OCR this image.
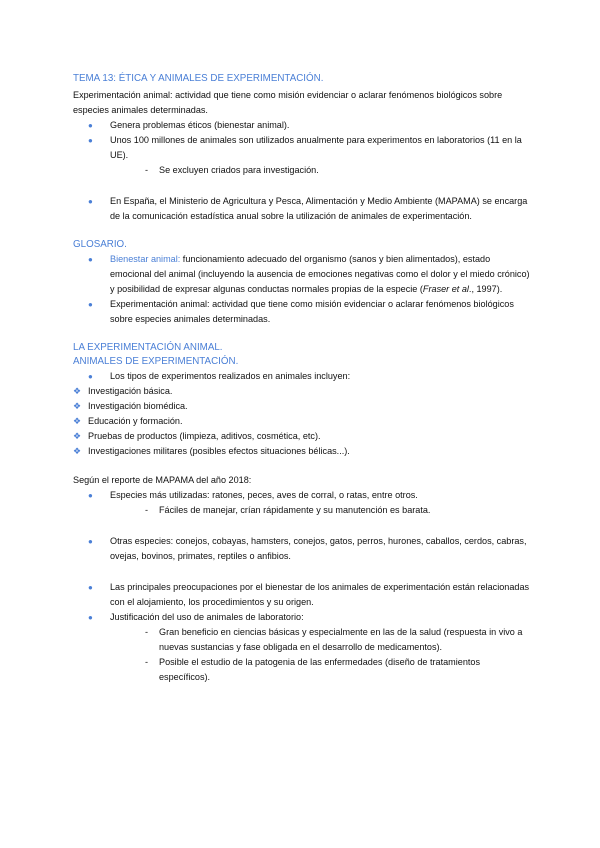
TEMA 13: ÉTICA Y ANIMALES DE EXPERIMENTACIÓN.
Experimentación animal: actividad que tiene como misión evidenciar o aclarar fenómenos biológicos sobre especies animales determinadas.
● Genera problemas éticos (bienestar animal).
● Unos 100 millones de animales son utilizados anualmente para experimentos en laboratorios (11 en la UE).
- Se excluyen criados para investigación.
● En España, el Ministerio de Agricultura y Pesca, Alimentación y Medio Ambiente (MAPAMA) se encarga de la comunicación estadística anual sobre la utilización de animales de experimentación.
GLOSARIO.
● Bienestar animal: funcionamiento adecuado del organismo (sanos y bien alimentados), estado emocional del animal (incluyendo la ausencia de emociones negativas como el dolor y el miedo crónico) y posibilidad de expresar algunas conductas normales propias de la especie (Fraser et al., 1997).
● Experimentación animal: actividad que tiene como misión evidenciar o aclarar fenómenos biológicos sobre especies animales determinadas.
LA EXPERIMENTACIÓN ANIMAL.
ANIMALES DE EXPERIMENTACIÓN.
● Los tipos de experimentos realizados en animales incluyen:
❖ Investigación básica.
❖ Investigación biomédica.
❖ Educación y formación.
❖ Pruebas de productos (limpieza, aditivos, cosmética, etc).
❖ Investigaciones militares (posibles efectos situaciones bélicas...).
Según el reporte de MAPAMA del año 2018:
● Especies más utilizadas: ratones, peces, aves de corral, o ratas, entre otros.
- Fáciles de manejar, crían rápidamente y su manutención es barata.
● Otras especies: conejos, cobayas, hamsters, conejos, gatos, perros, hurones, caballos, cerdos, cabras, ovejas, bovinos, primates, reptiles o anfibios.
● Las principales preocupaciones por el bienestar de los animales de experimentación están relacionadas con el alojamiento, los procedimientos y su origen.
● Justificación del uso de animales de laboratorio:
- Gran beneficio en ciencias básicas y especialmente en las de la salud (respuesta in vivo a nuevas sustancias y fase obligada en el desarrollo de medicamentos).
- Posible el estudio de la patogenia de las enfermedades (diseño de tratamientos específicos).
